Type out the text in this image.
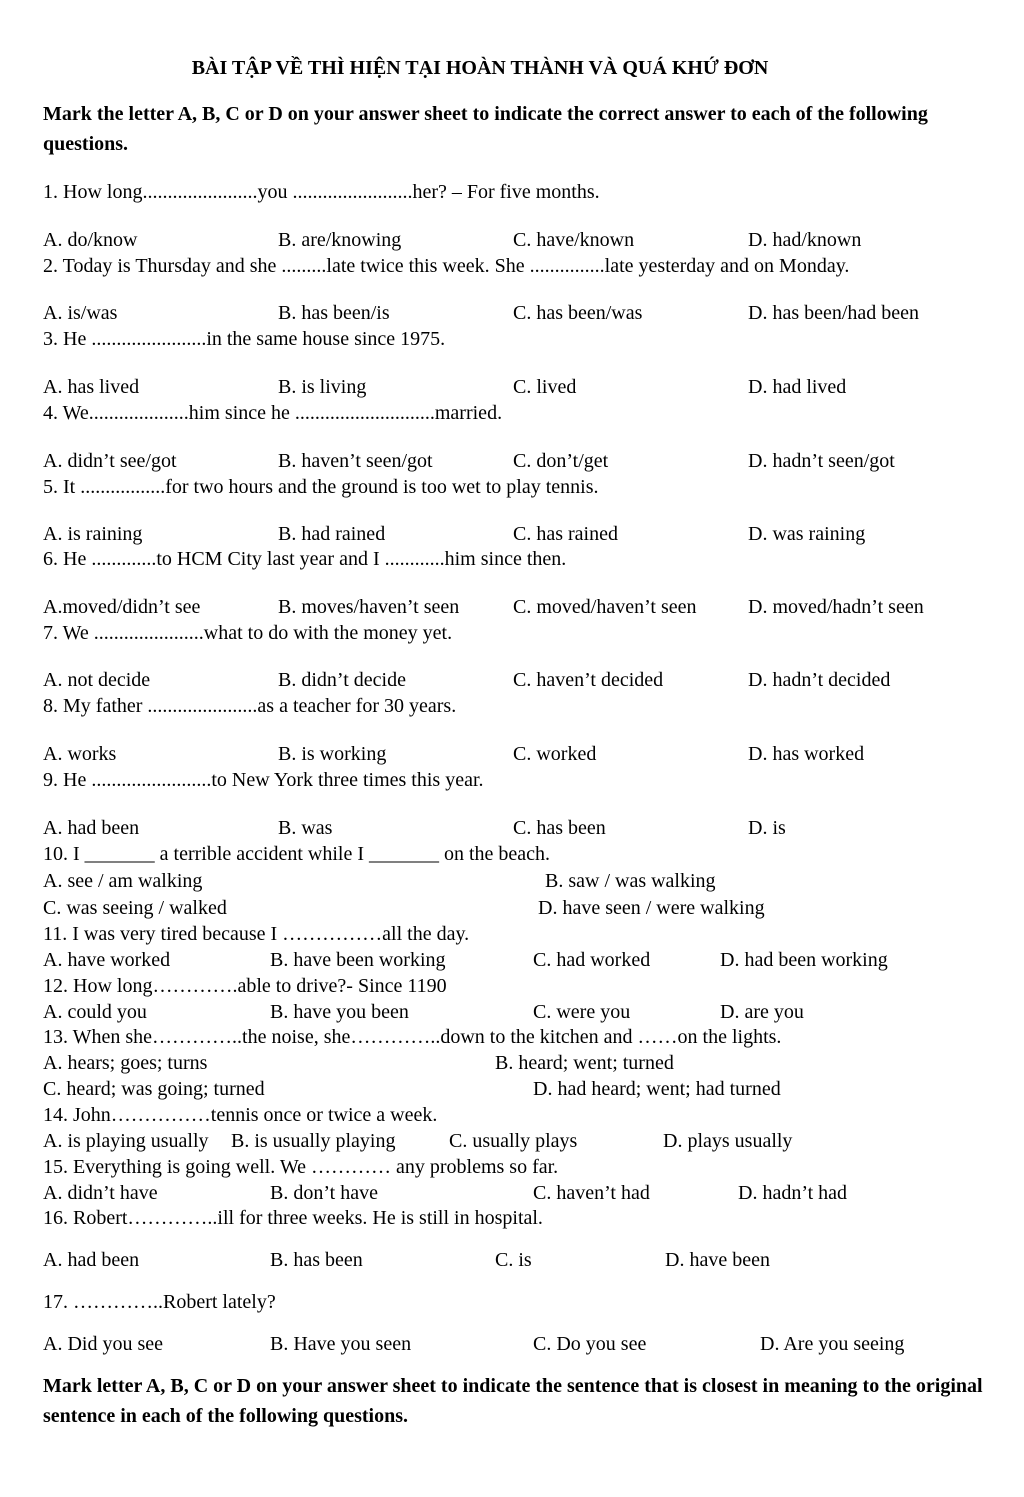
BÀI TẬP VỀ THÌ HIỆN TẠI HOÀN THÀNH VÀ QUÁ KHỨ ĐƠN
Mark the letter A, B, C or D on your answer sheet to indicate the correct answer to each of the following questions.
1. How long.......................you ........................her? – For five months.
A. do/know	B. are/knowing	C. have/known	D. had/known
2. Today is Thursday and she .........late twice this week. She ...............late yesterday and on Monday.
A. is/was	B. has been/is	C. has been/was	D. has been/had been
3. He .......................in the same house since 1975.
A. has lived	B. is living	C. lived	D. had lived
4. We....................him since he ............................married.
A. didn’t see/got	B. haven’t seen/got	C. don’t/get	D. hadn’t seen/got
5. It .................for two hours and the ground is too wet to play tennis.
A. is raining	B. had rained	C. has rained	D. was raining
6. He .............to HCM City last year and I ............him since then.
A.moved/didn’t see	B. moves/haven’t seen	C. moved/haven’t seen	D. moved/hadn’t seen
7. We ......................what to do with the money yet.
A. not decide	B. didn’t decide	C. haven’t decided	D. hadn’t decided
8. My father ......................as a teacher for 30 years.
A. works	B. is working	C. worked	D. has worked
9. He ........................to New York three times this year.
A. had been	B. was	C. has been	D. is
10. I _______ a terrible accident while I _______ on the beach.
A. see / am walking	B. saw / was walking
C. was seeing / walked	D. have seen / were walking
11. I was very tired because I ……………all the day.
A. have worked	B. have been working	C. had worked	D. had been working
12. How long………….able to drive?- Since 1190
A. could you	B. have you been	C. were you	D. are you
13. When she…………..the noise, she…………..down to the kitchen and ……on the lights.
A. hears; goes; turns	B. heard; went; turned
C. heard; was going; turned	D. had heard; went; had turned
14. John……………tennis once or twice a week.
A. is playing usually B. is usually playing	C. usually plays	D. plays usually
15. Everything is going well. We ………… any problems so far.
A. didn’t have	B. don’t have	C. haven’t had	D. hadn’t had
16. Robert…………..ill for three weeks. He is still in hospital.
A. had been	B. has been	C. is	D. have been
17. …………..Robert lately?
A. Did you see	B. Have you seen	C. Do you see	D. Are you seeing
Mark letter A, B, C or D on your answer sheet to indicate the sentence that is closest in meaning to the original sentence in each of the following questions.
